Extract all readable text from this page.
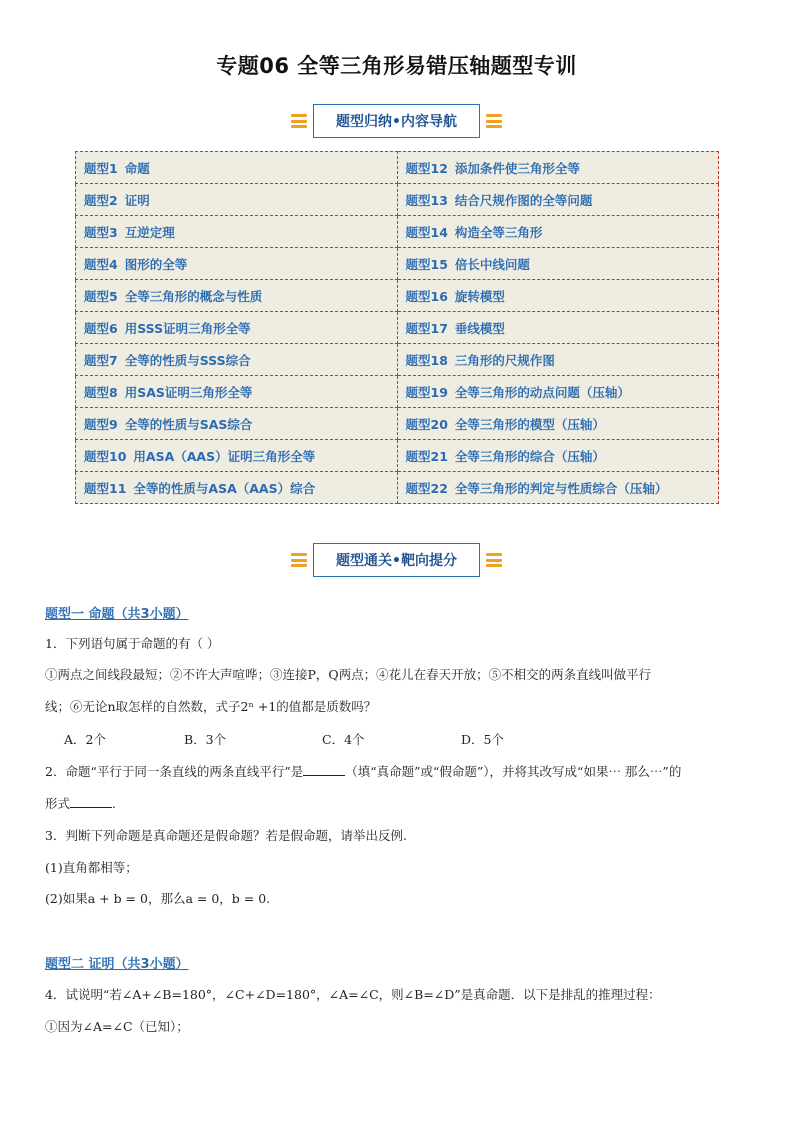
专题06 全等三角形易错压轴题型专训
题型归纳•内容导航
题型1 命题	题型12 添加条件使三角形全等
题型2 证明	题型13 结合尺规作图的全等问题
题型3 互逆定理	题型14 构造全等三角形
题型4 图形的全等	题型15 倍长中线问题
题型5 全等三角形的概念与性质	题型16 旋转模型
题型6 用SSS证明三角形全等	题型17 垂线模型
题型7 全等的性质与SSS综合	题型18 三角形的尺规作图
题型8 用SAS证明三角形全等	题型19 全等三角形的动点问题（压轴）
题型9 全等的性质与SAS综合	题型20 全等三角形的模型（压轴）
题型10 用ASA（AAS）证明三角形全等	题型21 全等三角形的综合（压轴）
题型11 全等的性质与ASA（AAS）综合	题型22 全等三角形的判定与性质综合（压轴）
题型通关•靶向提分
题型一 命题（共3小题）
1．下列语句属于命题的有（ ）
①两点之间线段最短；②不许大声喧哗；③连接P，Q两点；④花儿在春天开放；⑤不相交的两条直线叫做平行
线；⑥无论n取怎样的自然数，式子2ⁿ +1的值都是质数吗？
A．2个	B．3个	C．4个	D．5个
2．命题“平行于同一条直线的两条直线平行”是	（填“真命题”或“假命题”），并将其改写成“如果⋯ 那么⋯”的
形式	.
3．判断下列命题是真命题还是假命题？若是假命题，请举出反例.
(1)直角都相等；
(2)如果a + b = 0，那么a = 0，b = 0.
题型二 证明（共3小题）
4．试说明“若∠A+∠B=180°，∠C+∠D=180°，∠A=∠C，则∠B=∠D”是真命题．以下是排乱的推理过程：
①因为∠A=∠C（已知）；
